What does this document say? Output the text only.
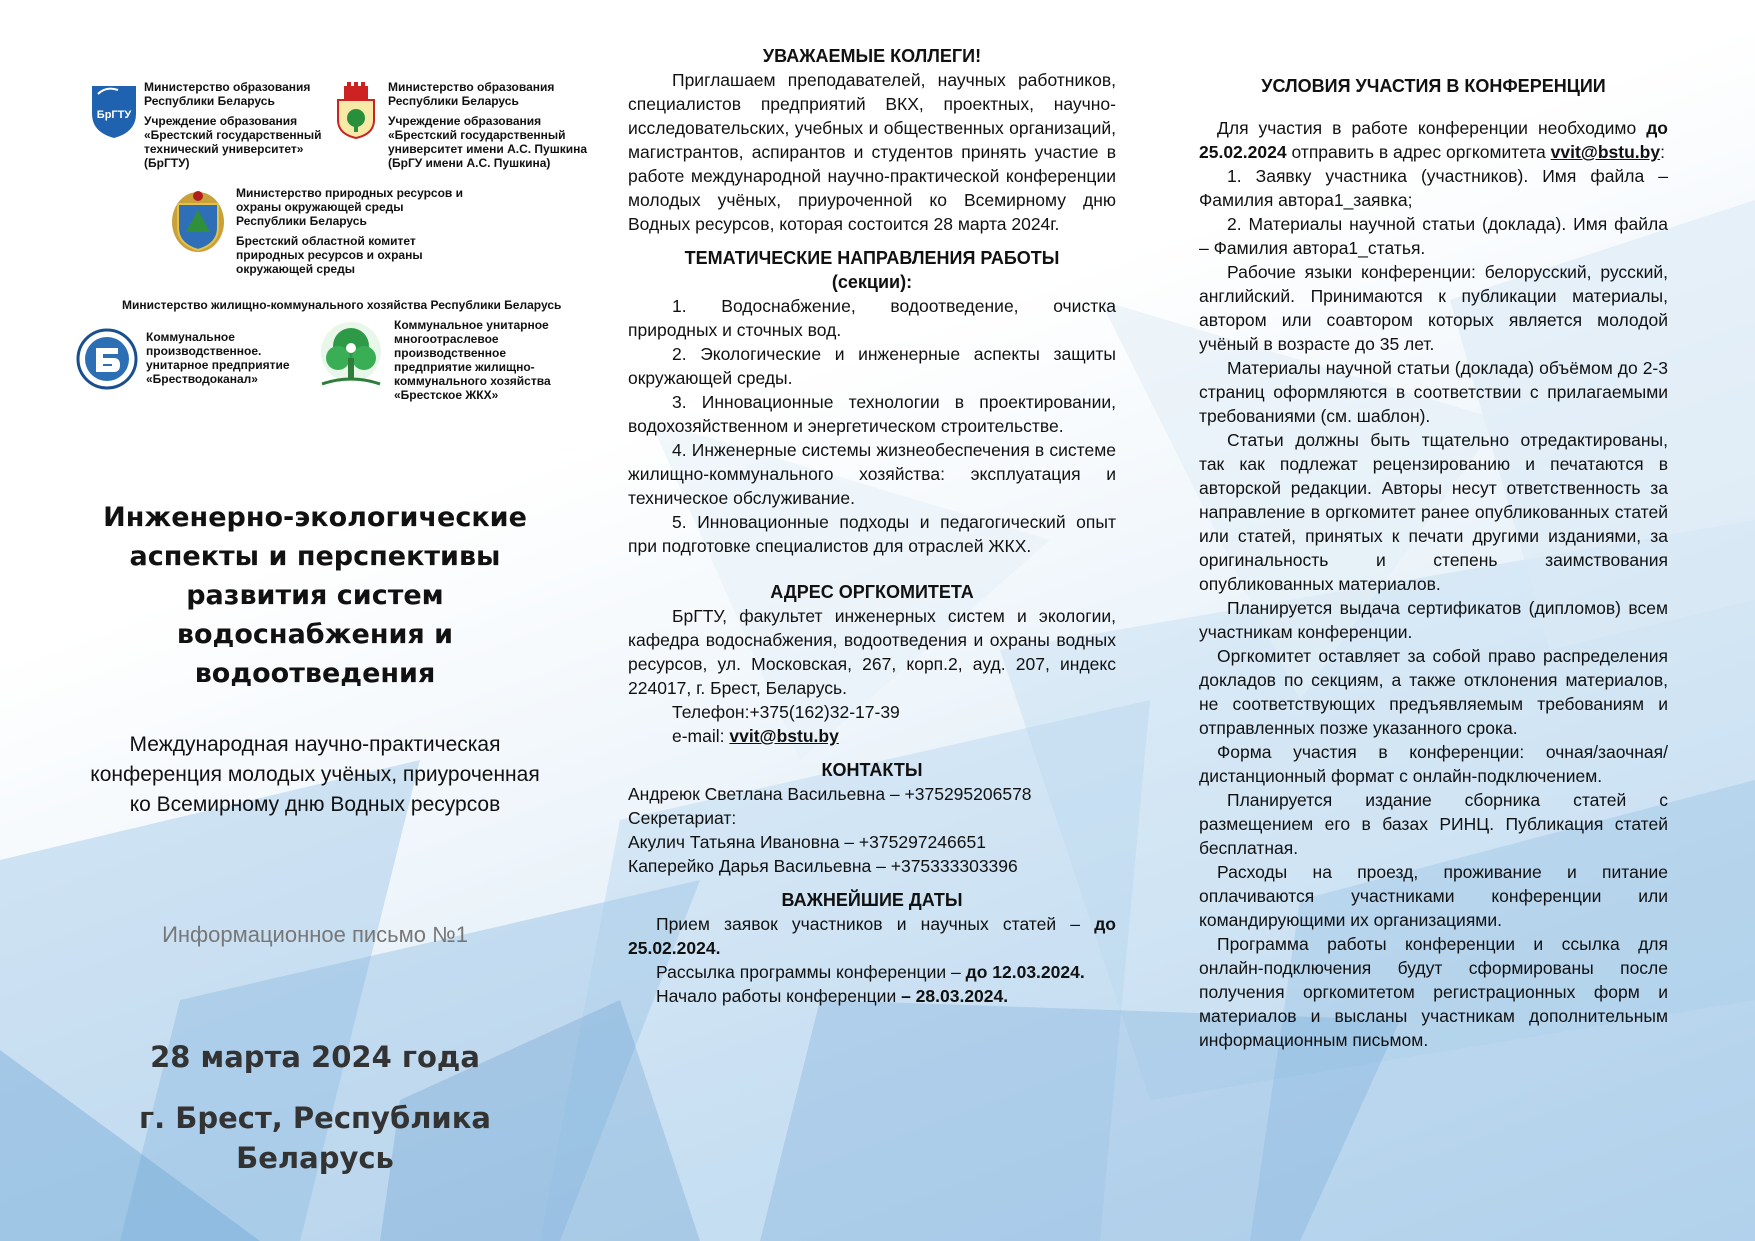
БрГТУ

Министерство образования Республики Беларусь

Учреждение образования «Брестский государственный технический университет» (БрГТУ)

Министерство образования Республики Беларусь

Учреждение образования «Брестский государственный университет имени А.С. Пушкина (БрГУ имени А.С. Пушкина)

Министерство природных ресурсов и охраны окружающей среды Республики Беларусь

Брестский областной комитет природных ресурсов и охраны окружающей среды

Министерство жилищно-коммунального хозяйства Республики Беларусь

Коммунальное производственное. унитарное предприятие «Брестводоканал»

Коммунальное унитарное многоотраслевое производственное предприятие жилищно-коммунального хозяйства «Брестское ЖКХ»

Инженерно-экологические
аспекты и перспективы
развития систем
водоснабжения и
водоотведения
Международная научно-практическая
конференция молодых учёных, приуроченная
ко Всемирному дню Водных ресурсов
Информационное письмо №1
28 марта 2024 года
г. Брест, Республика
Беларусь

УВАЖАЕМЫЕ КОЛЛЕГИ!

Приглашаем преподавателей, научных работников, специалистов предприятий ВКХ, проектных, научно-исследовательских, учебных и общественных организаций, магистрантов, аспирантов и студентов принять участие в работе международной научно-практической конференции молодых учёных, приуроченной ко Всемирному дню Водных ресурсов, которая состоится 28 марта 2024г.

ТЕМАТИЧЕСКИЕ НАПРАВЛЕНИЯ РАБОТЫ

(секции):

1. Водоснабжение, водоотведение, очистка природных и сточных вод.

2. Экологические и инженерные аспекты защиты окружающей среды.

3. Инновационные технологии в проектировании, водохозяйственном и энергетическом строительстве.

4. Инженерные системы жизнеобеспечения в системе жилищно-коммунального хозяйства: эксплуатация и техническое обслуживание.

5. Инновационные подходы и педагогический опыт при подготовке специалистов для отраслей ЖКХ.

АДРЕС ОРГКОМИТЕТА

БрГТУ, факультет инженерных систем и экологии, кафедра водоснабжения, водоотведения и охраны водных ресурсов, ул. Московская, 267, корп.2, ауд. 207, индекс 224017, г. Брест, Беларусь.

Телефон:+375(162)32-17-39

e-mail: vvit@bstu.by

КОНТАКТЫ

Андреюк Светлана Васильевна – +375295206578

Секретариат:

Акулич Татьяна Ивановна – +375297246651

Каперейко Дарья Васильевна – +375333303396

ВАЖНЕЙШИЕ ДАТЫ

Прием заявок участников и научных статей – до 25.02.2024.

Рассылка программы конференции – до 12.03.2024.

Начало работы конференции – 28.03.2024.

УСЛОВИЯ УЧАСТИЯ В КОНФЕРЕНЦИИ

Для участия в работе конференции необходимо до 25.02.2024 отправить в адрес оргкомитета vvit@bstu.by:

1. Заявку участника (участников). Имя файла – Фамилия автора1_заявка;

2. Материалы научной статьи (доклада). Имя файла – Фамилия автора1_статья.

Рабочие языки конференции: белорусский, русский, английский. Принимаются к публикации материалы, автором или соавтором которых является молодой учёный в возрасте до 35 лет.

Материалы научной статьи (доклада) объёмом до 2-3 страниц оформляются в соответствии с прилагаемыми требованиями (см. шаблон).

Статьи должны быть тщательно отредактированы, так как подлежат рецензированию и печатаются в авторской редакции. Авторы несут ответственность за направление в оргкомитет ранее опубликованных статей или статей, принятых к печати другими изданиями, за оригинальность и степень заимствования опубликованных материалов.

Планируется выдача сертификатов (дипломов) всем участникам конференции.

Оргкомитет оставляет за собой право распределения докладов по секциям, а также отклонения материалов, не соответствующих предъявляемым требованиям и отправленных позже указанного срока.

Форма участия в конференции: очная/заочная/дистанционный формат с онлайн-подключением.

Планируется издание сборника статей с размещением его в базах РИНЦ. Публикация статей бесплатная.

Расходы на проезд, проживание и питание оплачиваются участниками конференции или командирующими их организациями.

Программа работы конференции и ссылка для онлайн-подключения будут сформированы после получения оргкомитетом регистрационных форм и материалов и высланы участникам дополнительным информационным письмом.
